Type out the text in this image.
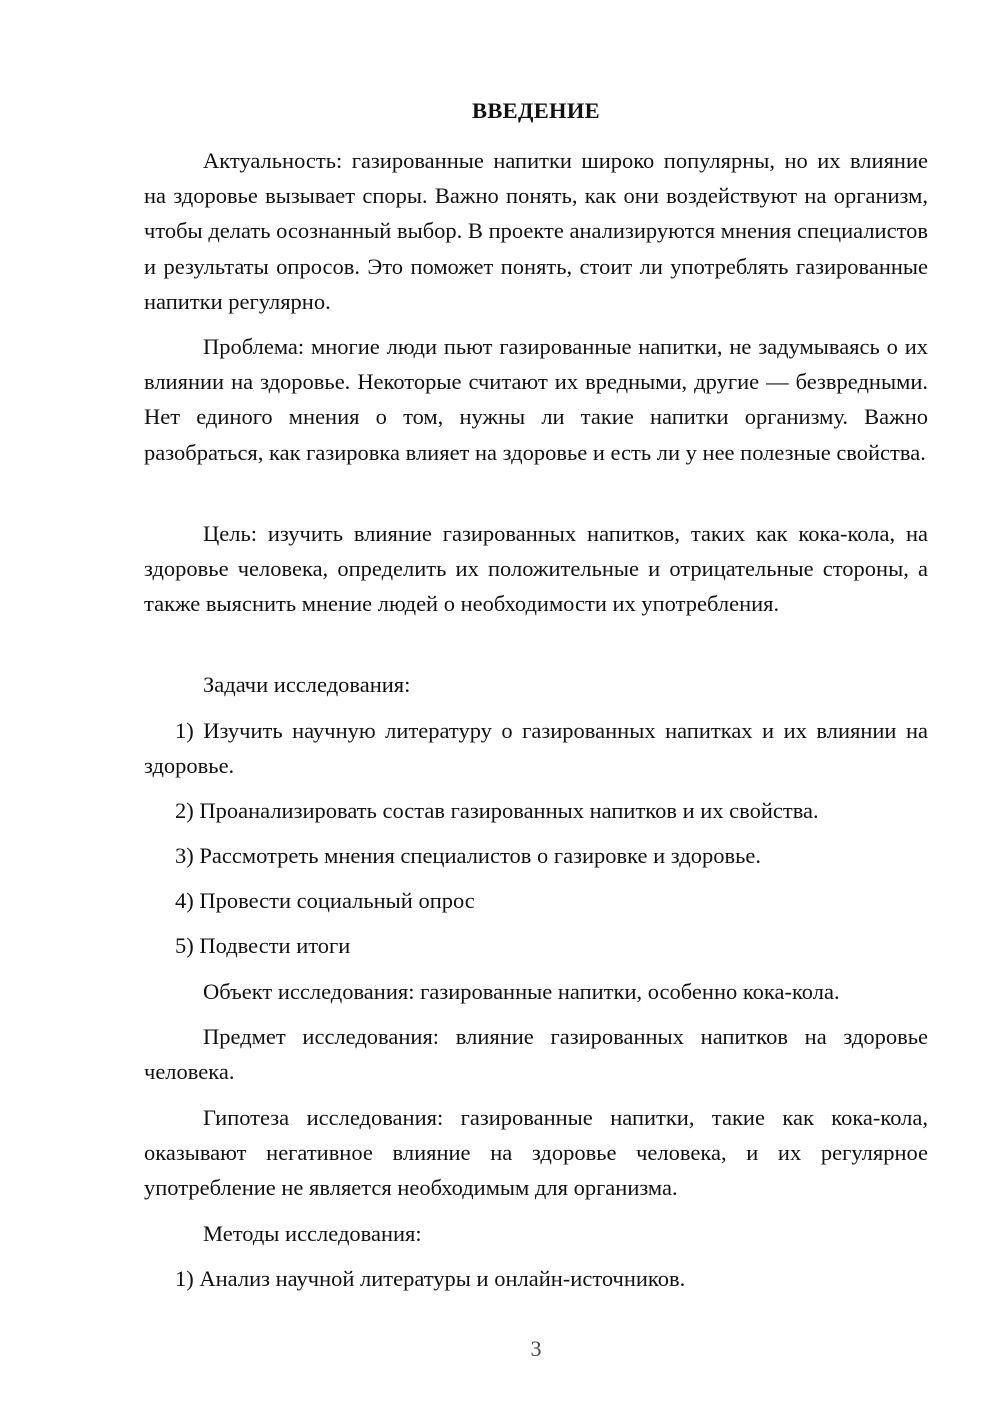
ВВЕДЕНИЕ

Актуальность: газированные напитки широко популярны, но их влияние на здоровье вызывает споры. Важно понять, как они воздействуют на организм, чтобы делать осознанный выбор. В проекте анализируются мнения специалистов и результаты опросов. Это поможет понять, стоит ли употреблять газированные напитки регулярно.

Проблема: многие люди пьют газированные напитки, не задумываясь о их влиянии на здоровье. Некоторые считают их вредными, другие — безвредными. Нет единого мнения о том, нужны ли такие напитки организму. Важно разобраться, как газировка влияет на здоровье и есть ли у нее полезные свойства.

Цель: изучить влияние газированных напитков, таких как кока-кола, на здоровье человека, определить их положительные и отрицательные стороны, а также выяснить мнение людей о необходимости их употребления.

Задачи исследования:

1) Изучить научную литературу о газированных напитках и их влиянии на здоровье.

2) Проанализировать состав газированных напитков и их свойства.

3) Рассмотреть мнения специалистов о газировке и здоровье.

4) Провести социальный опрос

5) Подвести итоги

Объект исследования: газированные напитки, особенно кока-кола.

Предмет исследования: влияние газированных напитков на здоровье человека.

Гипотеза исследования: газированные напитки, такие как кока-кола, оказывают негативное влияние на здоровье человека, и их регулярное употребление не является необходимым для организма.

Методы исследования:

1) Анализ научной литературы и онлайн-источников.

3
